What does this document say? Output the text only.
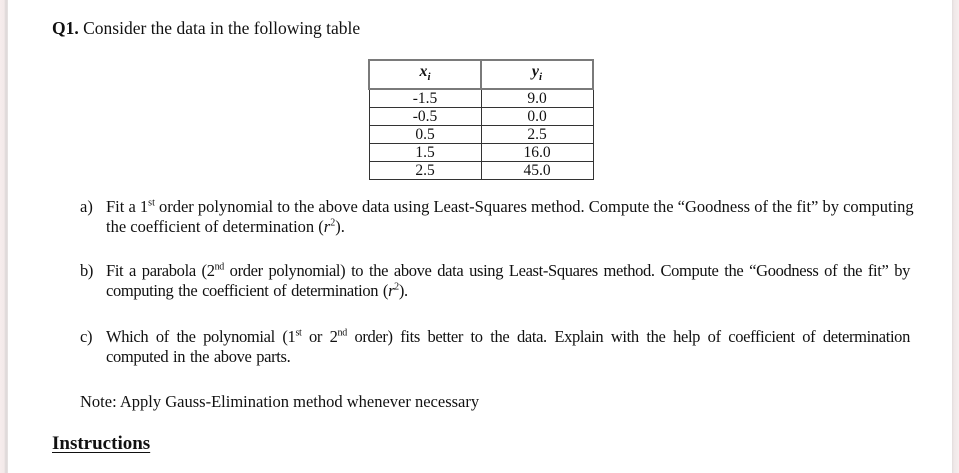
Q1. Consider the data in the following table
$x_i$	$y_i$
-1.5	9.0
-0.5	0.0
0.5	2.5
1.5	16.0
2.5	45.0
a) Fit a 1st order polynomial to the above data using Least-Squares method. Compute the “Goodness of the fit” by computing the coefficient of determination $(r^2)$.
b) Fit a parabola (2nd order polynomial) to the above data using Least-Squares method. Compute the “Goodness of the fit” by computing the coefficient of determination $(r^2)$.
c) Which of the polynomial (1st or 2nd order) fits better to the data. Explain with the help of coefficient of determination computed in the above parts.
Note: Apply Gauss-Elimination method whenever necessary
Instructions
